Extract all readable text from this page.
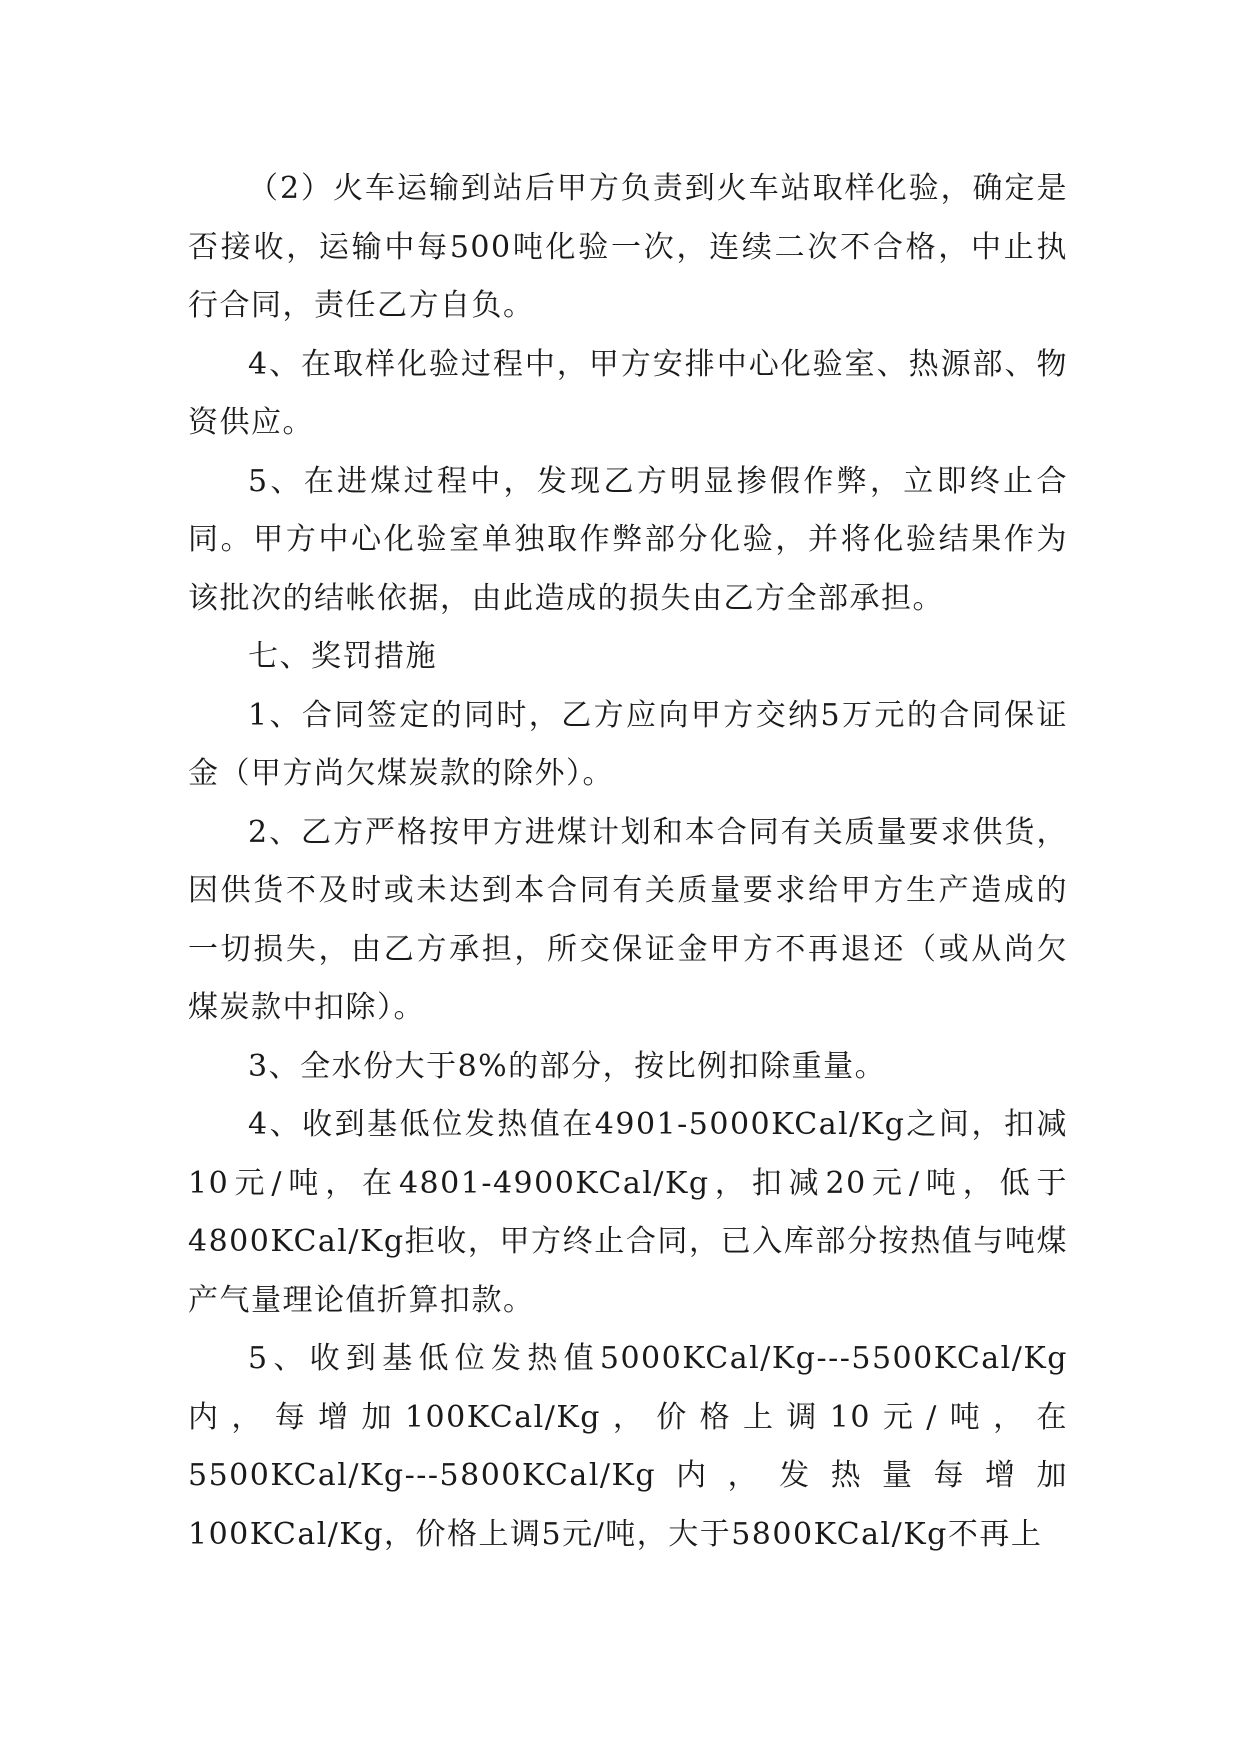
（2）火车运输到站后甲方负责到火车站取样化验，确定是否接收，运输中每500吨化验一次，连续二次不合格，中止执行合同，责任乙方自负。

4、在取样化验过程中，甲方安排中心化验室、热源部、物资供应。

5、在进煤过程中，发现乙方明显掺假作弊，立即终止合同。甲方中心化验室单独取作弊部分化验，并将化验结果作为该批次的结帐依据，由此造成的损失由乙方全部承担。

七、奖罚措施

1、合同签定的同时，乙方应向甲方交纳5万元的合同保证金（甲方尚欠煤炭款的除外）。

2、乙方严格按甲方进煤计划和本合同有关质量要求供货，因供货不及时或未达到本合同有关质量要求给甲方生产造成的一切损失，由乙方承担，所交保证金甲方不再退还（或从尚欠煤炭款中扣除）。

3、全水份大于8%的部分，按比例扣除重量。

4、收到基低位发热值在4901-5000KCal/Kg之间，扣减10元/吨，在4801-4900KCal/Kg，扣减20元/吨，低于4800KCal/Kg拒收，甲方终止合同，已入库部分按热值与吨煤产气量理论值折算扣款。

5、收到基低位发热值5000KCal/Kg---5500KCal/Kg内，每增加100KCal/Kg，价格上调10元/吨，在5500KCal/Kg---5800KCal/Kg内，发热量每增加100KCal/Kg，价格上调5元/吨，大于5800KCal/Kg不再上
